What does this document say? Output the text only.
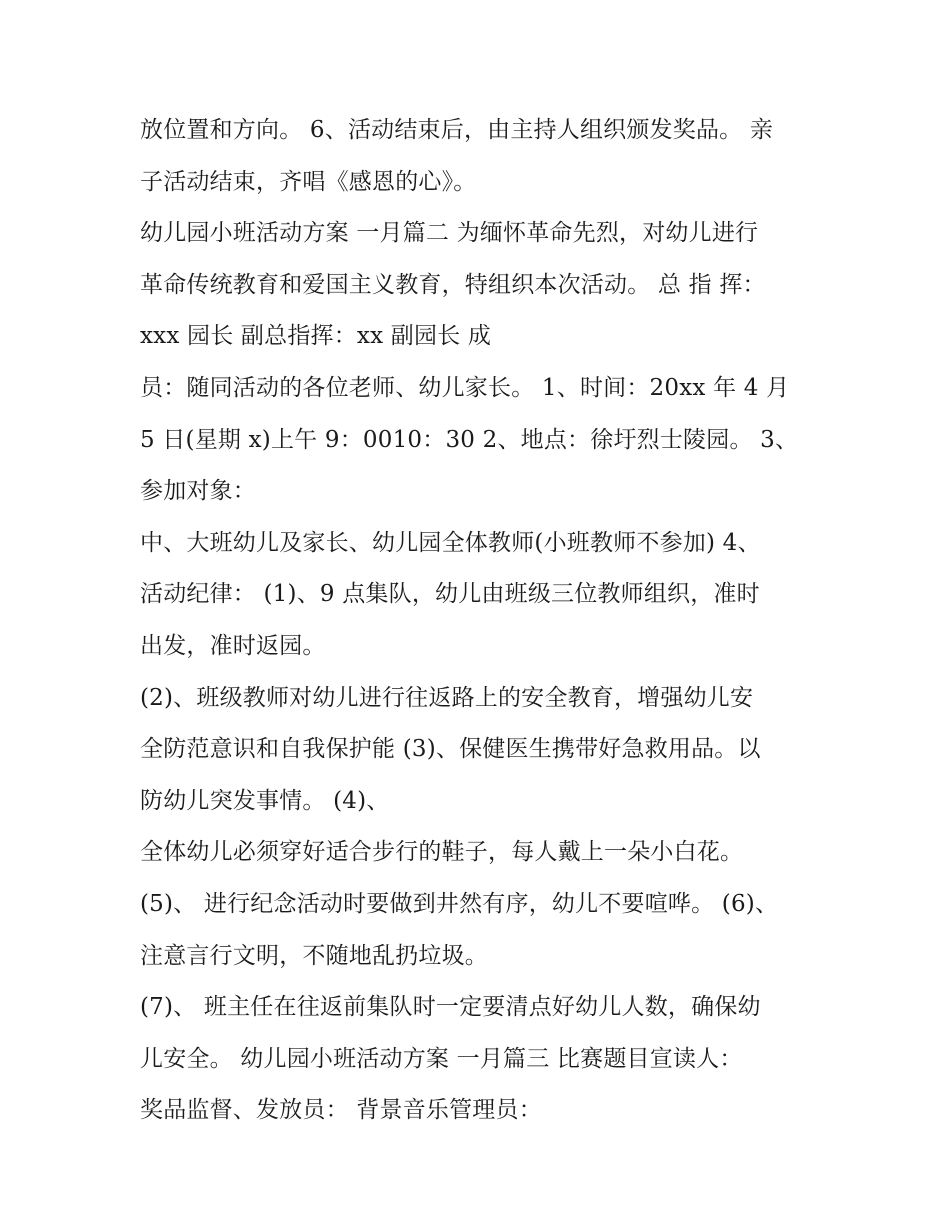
放位置和方向。 6、活动结束后，由主持人组织颁发奖品。 亲
子活动结束，齐唱《感恩的心》。
幼儿园小班活动方案 一月篇二 为缅怀革命先烈，对幼儿进行
革命传统教育和爱国主义教育，特组织本次活动。 总 指 挥：
xxx 园长 副总指挥：xx 副园长 成
员：随同活动的各位老师、幼儿家长。 1、时间：20xx 年 4 月
5 日(星期 x)上午 9：0010：30 2、地点：徐圩烈士陵园。 3、
参加对象：
中、大班幼儿及家长、幼儿园全体教师(小班教师不参加) 4、
活动纪律： (1)、9 点集队，幼儿由班级三位教师组织，准时
出发，准时返园。
(2)、班级教师对幼儿进行往返路上的安全教育，增强幼儿安
全防范意识和自我保护能 (3)、保健医生携带好急救用品。以
防幼儿突发事情。 (4)、
全体幼儿必须穿好适合步行的鞋子，每人戴上一朵小白花。
(5)、 进行纪念活动时要做到井然有序，幼儿不要喧哗。 (6)、
注意言行文明，不随地乱扔垃圾。
(7)、 班主任在往返前集队时一定要清点好幼儿人数，确保幼
儿安全。 幼儿园小班活动方案 一月篇三 比赛题目宣读人：
奖品监督、发放员： 背景音乐管理员：
